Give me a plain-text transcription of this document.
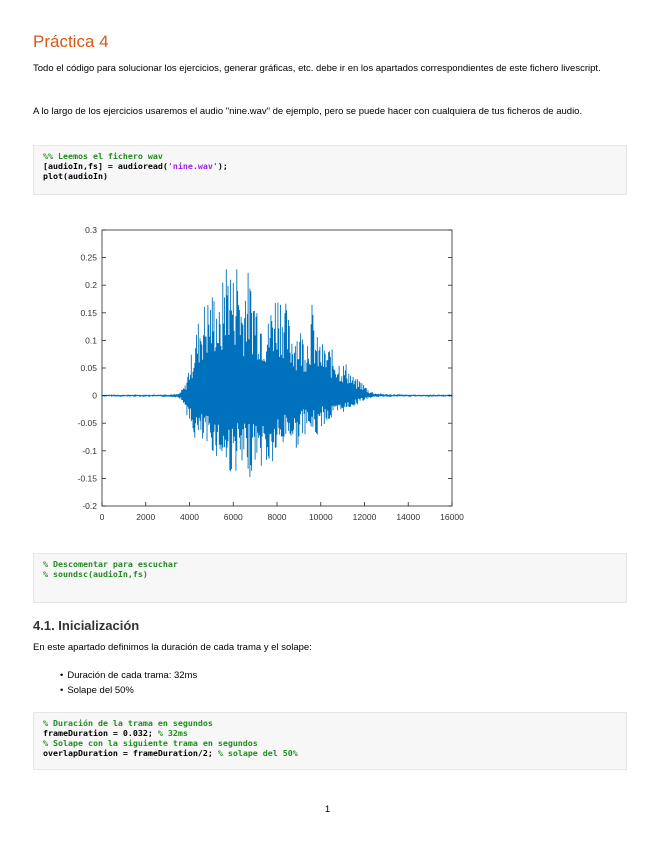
Práctica 4

Todo el código para solucionar los ejercicios, generar gráficas, etc. debe ir en los apartados correspondientes de este fichero livescript.

A lo largo de los ejercicios usaremos el audio "nine.wav" de ejemplo, pero se puede hacer con cualquiera de tus ficheros de audio.

%% Leemos el fichero wav
[audioIn,fs] = audioread('nine.wav');
plot(audioIn)
0	2000	4000	6000	8000	10000 12000 14000 16000
-0.2
-0.15
-0.1
-0.05
0
0.05
0.1
0.15
0.2
0.25
0.3
% Descomentar para escuchar
% soundsc(audioIn,fs)
4.1. Inicialización

En este apartado definimos la duración de cada trama y el solape:

• Duración de cada trama: 32ms
• Solape del 50%
% Duración de la trama en segundos
frameDuration = 0.032; % 32ms
% Solape con la siguiente trama en segundos
overlapDuration = frameDuration/2; % solape del 50%
1
